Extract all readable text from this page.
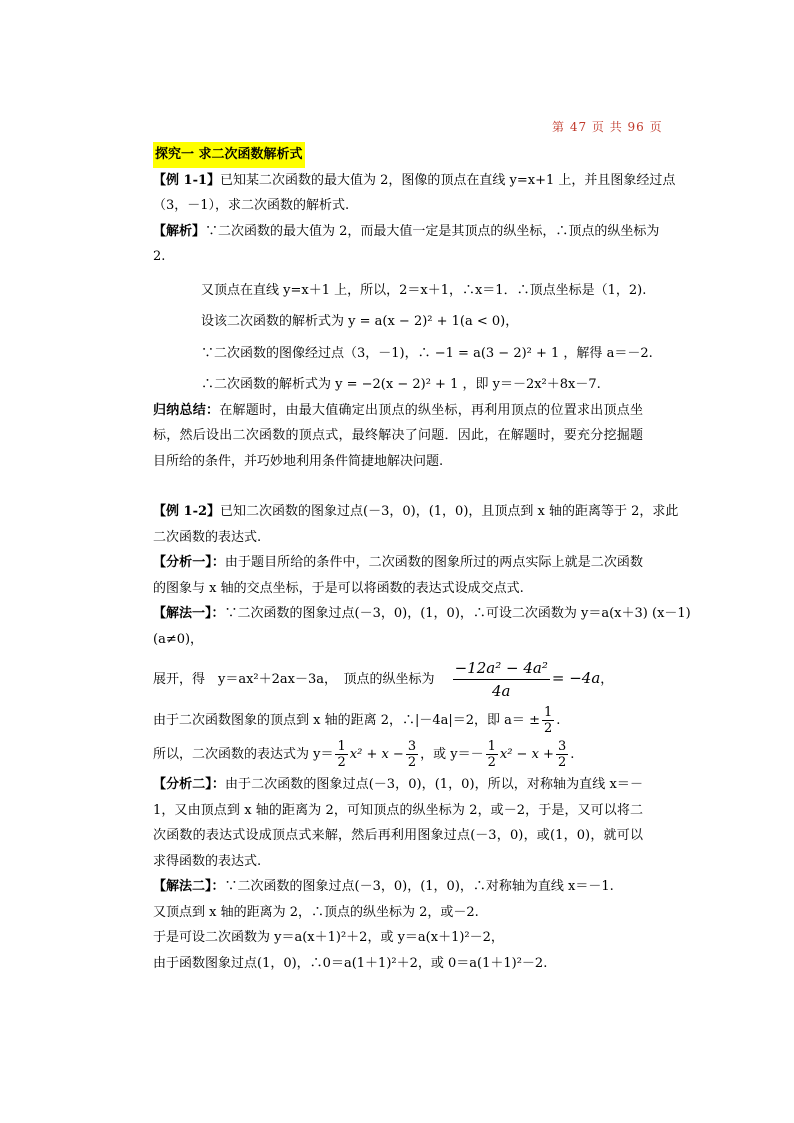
第 47 页 共 96 页
探究一 求二次函数解析式
【例 1-1】已知某二次函数的最大值为 2，图像的顶点在直线 y=x+1 上，并且图象经过点
（3，－1），求二次函数的解析式.
【解析】∵二次函数的最大值为 2，而最大值一定是其顶点的纵坐标，∴顶点的纵坐标为
2.
又顶点在直线 y=x＋1 上，所以，2＝x＋1，∴x＝1．∴顶点坐标是（1，2).
设该二次函数的解析式为 y = a(x − 2)² + 1(a < 0)，
∵二次函数的图像经过点（3，－1)，∴ −1 = a(3 − 2)² + 1 ，解得 a＝－2.
∴二次函数的解析式为 y = −2(x − 2)² + 1 ，即 y＝－2x²＋8x－7.
归纳总结：在解题时，由最大值确定出顶点的纵坐标，再利用顶点的位置求出顶点坐标，然后设出二次函数的顶点式，最终解决了问题．因此，在解题时，要充分挖掘题目所给的条件，并巧妙地利用条件简捷地解决问题.
【例 1-2】已知二次函数的图象过点(－3，0)，(1，0)，且顶点到 x 轴的距离等于 2，求此
二次函数的表达式.
【分析一】：由于题目所给的条件中，二次函数的图象所过的两点实际上就是二次函数的图象与 x 轴的交点坐标，于是可以将函数的表达式设成交点式.
【解法一】：∵二次函数的图象过点(－3，0)，(1，0)，∴可设二次函数为 y＝a(x＋3) (x－1)
(a≠0)，
展开，得　y＝ax²＋2ax－3a，　顶点的纵坐标为 $\frac{\text{−12a² − 4a²}}{4a} = -4a$，
由于二次函数图象的顶点到 x 轴的距离 2，∴|－4a|＝2，即 $a= \pm \frac{1}{2}$ .
所以，二次函数的表达式为 $y= \frac{1}{2} x^2 + x - \frac{3}{2}$ ，或 $y=- \frac{1}{2} x^2 - x + \frac{3}{2}$ .
【分析二】：由于二次函数的图象过点(－3，0)，(1，0)，所以，对称轴为直线 x＝－1，又由顶点到 x 轴的距离为 2，可知顶点的纵坐标为 2，或－2，于是，又可以将二次函数的表达式设成顶点式来解，然后再利用图象过点(－3，0)，或(1，0)，就可以求得函数的表达式.
【解法二】：∵二次函数的图象过点(－3，0)，(1，0)，∴对称轴为直线 x＝－1.
又顶点到 x 轴的距离为 2，∴顶点的纵坐标为 2，或－2.
于是可设二次函数为 y＝a(x＋1)²＋2，或 y＝a(x＋1)²－2，
由于函数图象过点(1，0)，∴0＝a(1＋1)²＋2，或 0＝a(1＋1)²－2.
